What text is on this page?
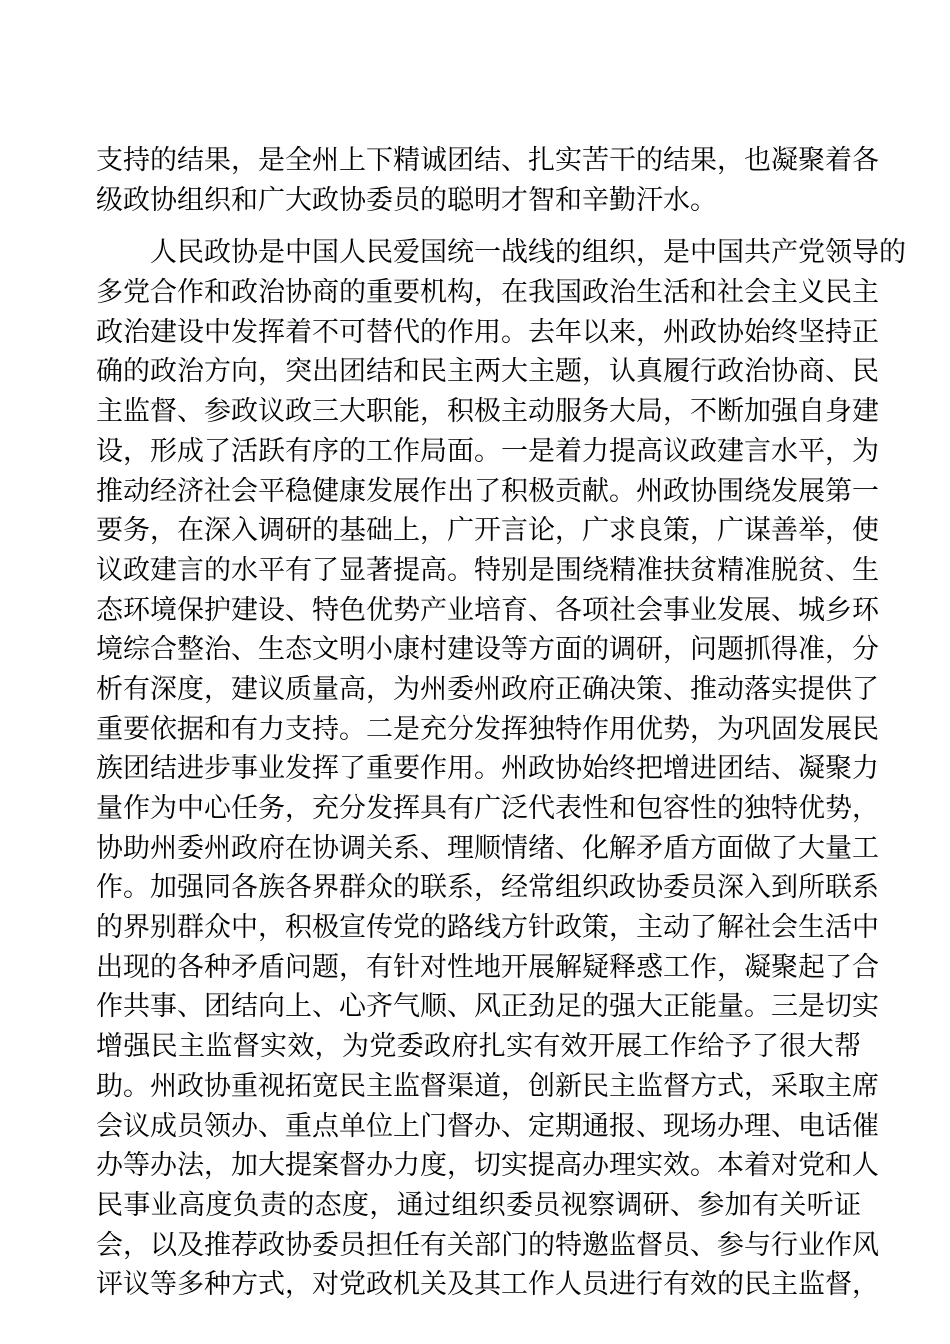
支持的结果，是全州上下精诚团结、扎实苦干的结果，也凝聚着各
级政协组织和广大政协委员的聪明才智和辛勤汗水。
人民政协是中国人民爱国统一战线的组织，是中国共产党领导的
多党合作和政治协商的重要机构，在我国政治生活和社会主义民主
政治建设中发挥着不可替代的作用。去年以来，州政协始终坚持正
确的政治方向，突出团结和民主两大主题，认真履行政治协商、民
主监督、参政议政三大职能，积极主动服务大局，不断加强自身建
设，形成了活跃有序的工作局面。一是着力提高议政建言水平，为
推动经济社会平稳健康发展作出了积极贡献。州政协围绕发展第一
要务，在深入调研的基础上，广开言论，广求良策，广谋善举，使
议政建言的水平有了显著提高。特别是围绕精准扶贫精准脱贫、生
态环境保护建设、特色优势产业培育、各项社会事业发展、城乡环
境综合整治、生态文明小康村建设等方面的调研，问题抓得准，分
析有深度，建议质量高，为州委州政府正确决策、推动落实提供了
重要依据和有力支持。二是充分发挥独特作用优势，为巩固发展民
族团结进步事业发挥了重要作用。州政协始终把增进团结、凝聚力
量作为中心任务，充分发挥具有广泛代表性和包容性的独特优势，
协助州委州政府在协调关系、理顺情绪、化解矛盾方面做了大量工
作。加强同各族各界群众的联系，经常组织政协委员深入到所联系
的界别群众中，积极宣传党的路线方针政策，主动了解社会生活中
出现的各种矛盾问题，有针对性地开展解疑释惑工作，凝聚起了合
作共事、团结向上、心齐气顺、风正劲足的强大正能量。三是切实
增强民主监督实效，为党委政府扎实有效开展工作给予了很大帮
助。州政协重视拓宽民主监督渠道，创新民主监督方式，采取主席
会议成员领办、重点单位上门督办、定期通报、现场办理、电话催
办等办法，加大提案督办力度，切实提高办理实效。本着对党和人
民事业高度负责的态度，通过组织委员视察调研、参加有关听证
会，以及推荐政协委员担任有关部门的特邀监督员、参与行业作风
评议等多种方式，对党政机关及其工作人员进行有效的民主监督，
